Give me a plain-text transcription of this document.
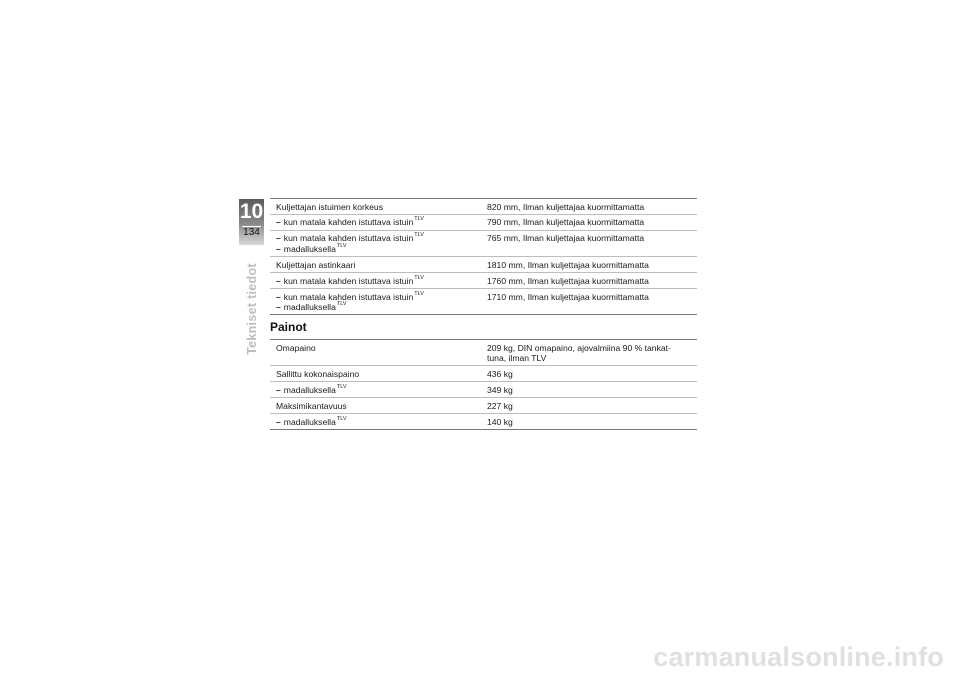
10
134
Tekniset tiedot
Kuljettajan istuimen korkeus	820 mm, Ilman kuljettajaa kuormittamatta
– kun matala kahden istuttava istuin$^{TLV}$	790 mm, Ilman kuljettajaa kuormittamatta
– kun matala kahden istuttava istuin$^{TLV}$
– madalluksella$^{TLV}$	765 mm, Ilman kuljettajaa kuormittamatta
Kuljettajan astinkaari	1810 mm, Ilman kuljettajaa kuormittamatta
– kun matala kahden istuttava istuin$^{TLV}$	1760 mm, Ilman kuljettajaa kuormittamatta
– kun matala kahden istuttava istuin$^{TLV}$
– madalluksella$^{TLV}$	1710 mm, Ilman kuljettajaa kuormittamatta
Painot
Omapaino	209 kg, DIN omapaino, ajovalmiina 90 % tankat-
tuna, ilman TLV
Sallittu kokonaispaino	436 kg
– madalluksella$^{TLV}$	349 kg
Maksimikantavuus	227 kg
– madalluksella$^{TLV}$	140 kg
carmanualsonline.info
